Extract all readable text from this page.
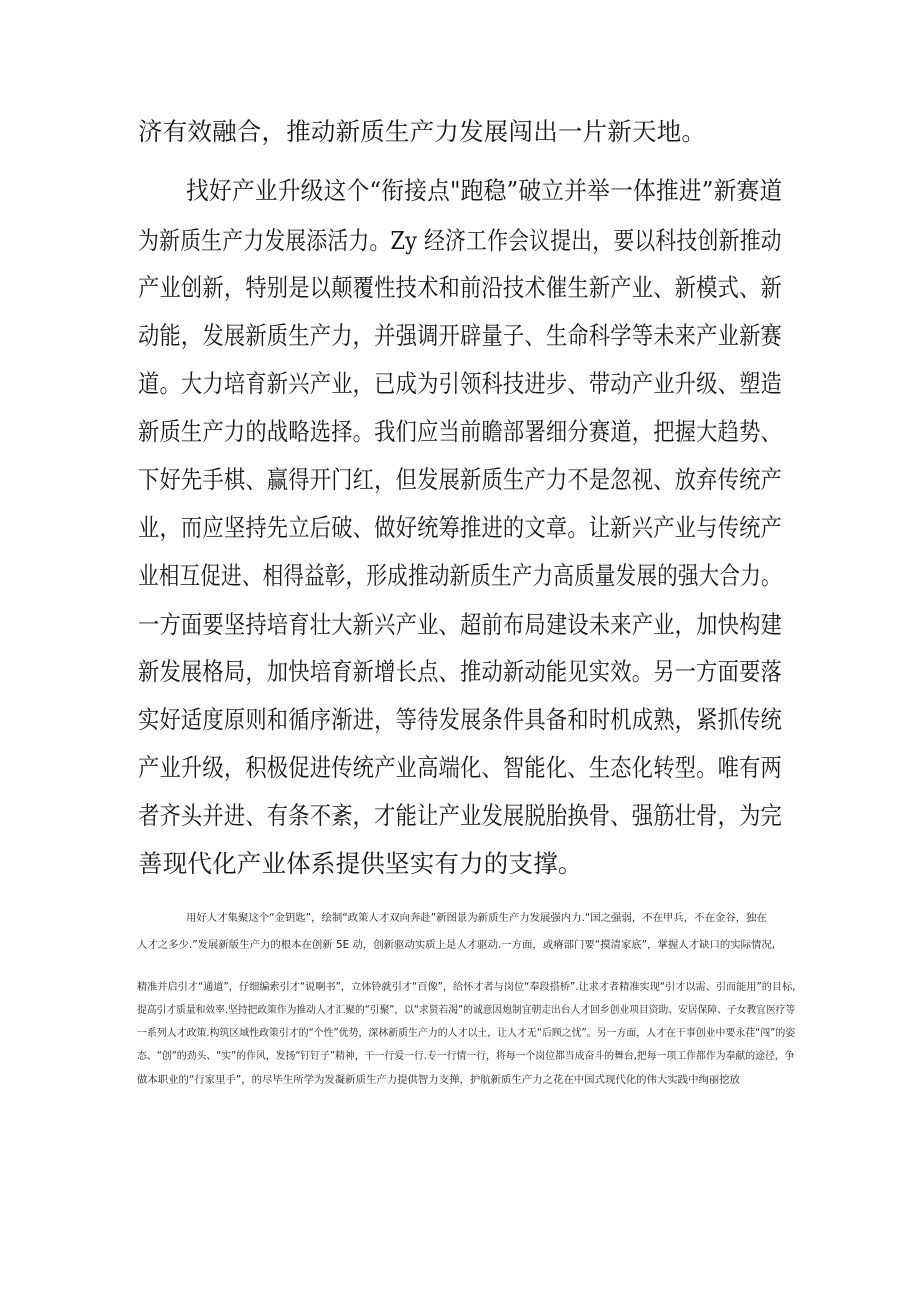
济有效融合，推动新质生产力发展闯出一片新天地。
找好产业升级这个“衔接点"跑稳”破立并举一体推进”新赛道
为新质生产力发展添活力。Zy 经济工作会议提出，要以科技创新推动
产业创新，特别是以颠覆性技术和前沿技术催生新产业、新模式、新
动能，发展新质生产力，并强调开辟量子、生命科学等未来产业新赛
道。大力培育新兴产业，已成为引领科技进步、带动产业升级、塑造
新质生产力的战略选择。我们应当前瞻部署细分赛道，把握大趋势、
下好先手棋、赢得开门红，但发展新质生产力不是忽视、放弃传统产
业，而应坚持先立后破、做好统筹推进的文章。让新兴产业与传统产
业相互促进、相得益彰，形成推动新质生产力高质量发展的强大合力。
一方面要坚持培育壮大新兴产业、超前布局建设未来产业，加快构建
新发展格局，加快培育新增长点、推动新动能见实效。另一方面要落
实好适度原则和循序渐进，等待发展条件具备和时机成熟，紧抓传统
产业升级，积极促进传统产业高端化、智能化、生态化转型。唯有两
者齐头并进、有条不紊，才能让产业发展脱胎换骨、强筋壮骨，为完
善现代化产业体系提供坚实有力的支撑。
用好人才集聚这个“金钥匙”，绘制“政策人才双向奔赴”新图景为新质生产力发展强内力.“国之强弱，不在甲兵，不在金谷，独在
人才之多少.”发展新版生产力的根本在创新 5E 动，创新驱动实质上是人才驱动.一方面，或瘠部门要“摸清家底”，掌握人才缺口的实际情况,
精准并启引才“通道”，仔细编索引才“说啊书”，立体铃就引才“百像”，给怀才者与岗位“奉段搭桥”.让求才者精准实现“引才以需、引而能用”的目标,
提高引才质量和效率.坚持把政策作为推动人才汇聚的“引聚”，以“求贤若渴”的诚意因炮制宜朝走出台人才回乡创业项目资助、安居保障、子女教宜医疗等
一系列人才政策.构筑区域性政策引才的“个性”优势，深林新质生产力的人才以土，让人才无“后顾之忧”。另一方面，人才在干事创业中要永荏“闯”的姿
态、“创”的劲头、“实”的作风，发扬“钉钉子”精神，干一行爱一行.专一行情一行，将每一个岗位都当成奋斗的舞台,把每一项工作都作为奉献的途径，争
做本职业的“行家里手”，的尽毕生所学为发凝新质生产力提供智力支掸，护航新质生产力之花在中国式现代化的伟大实践中绚丽挖放
